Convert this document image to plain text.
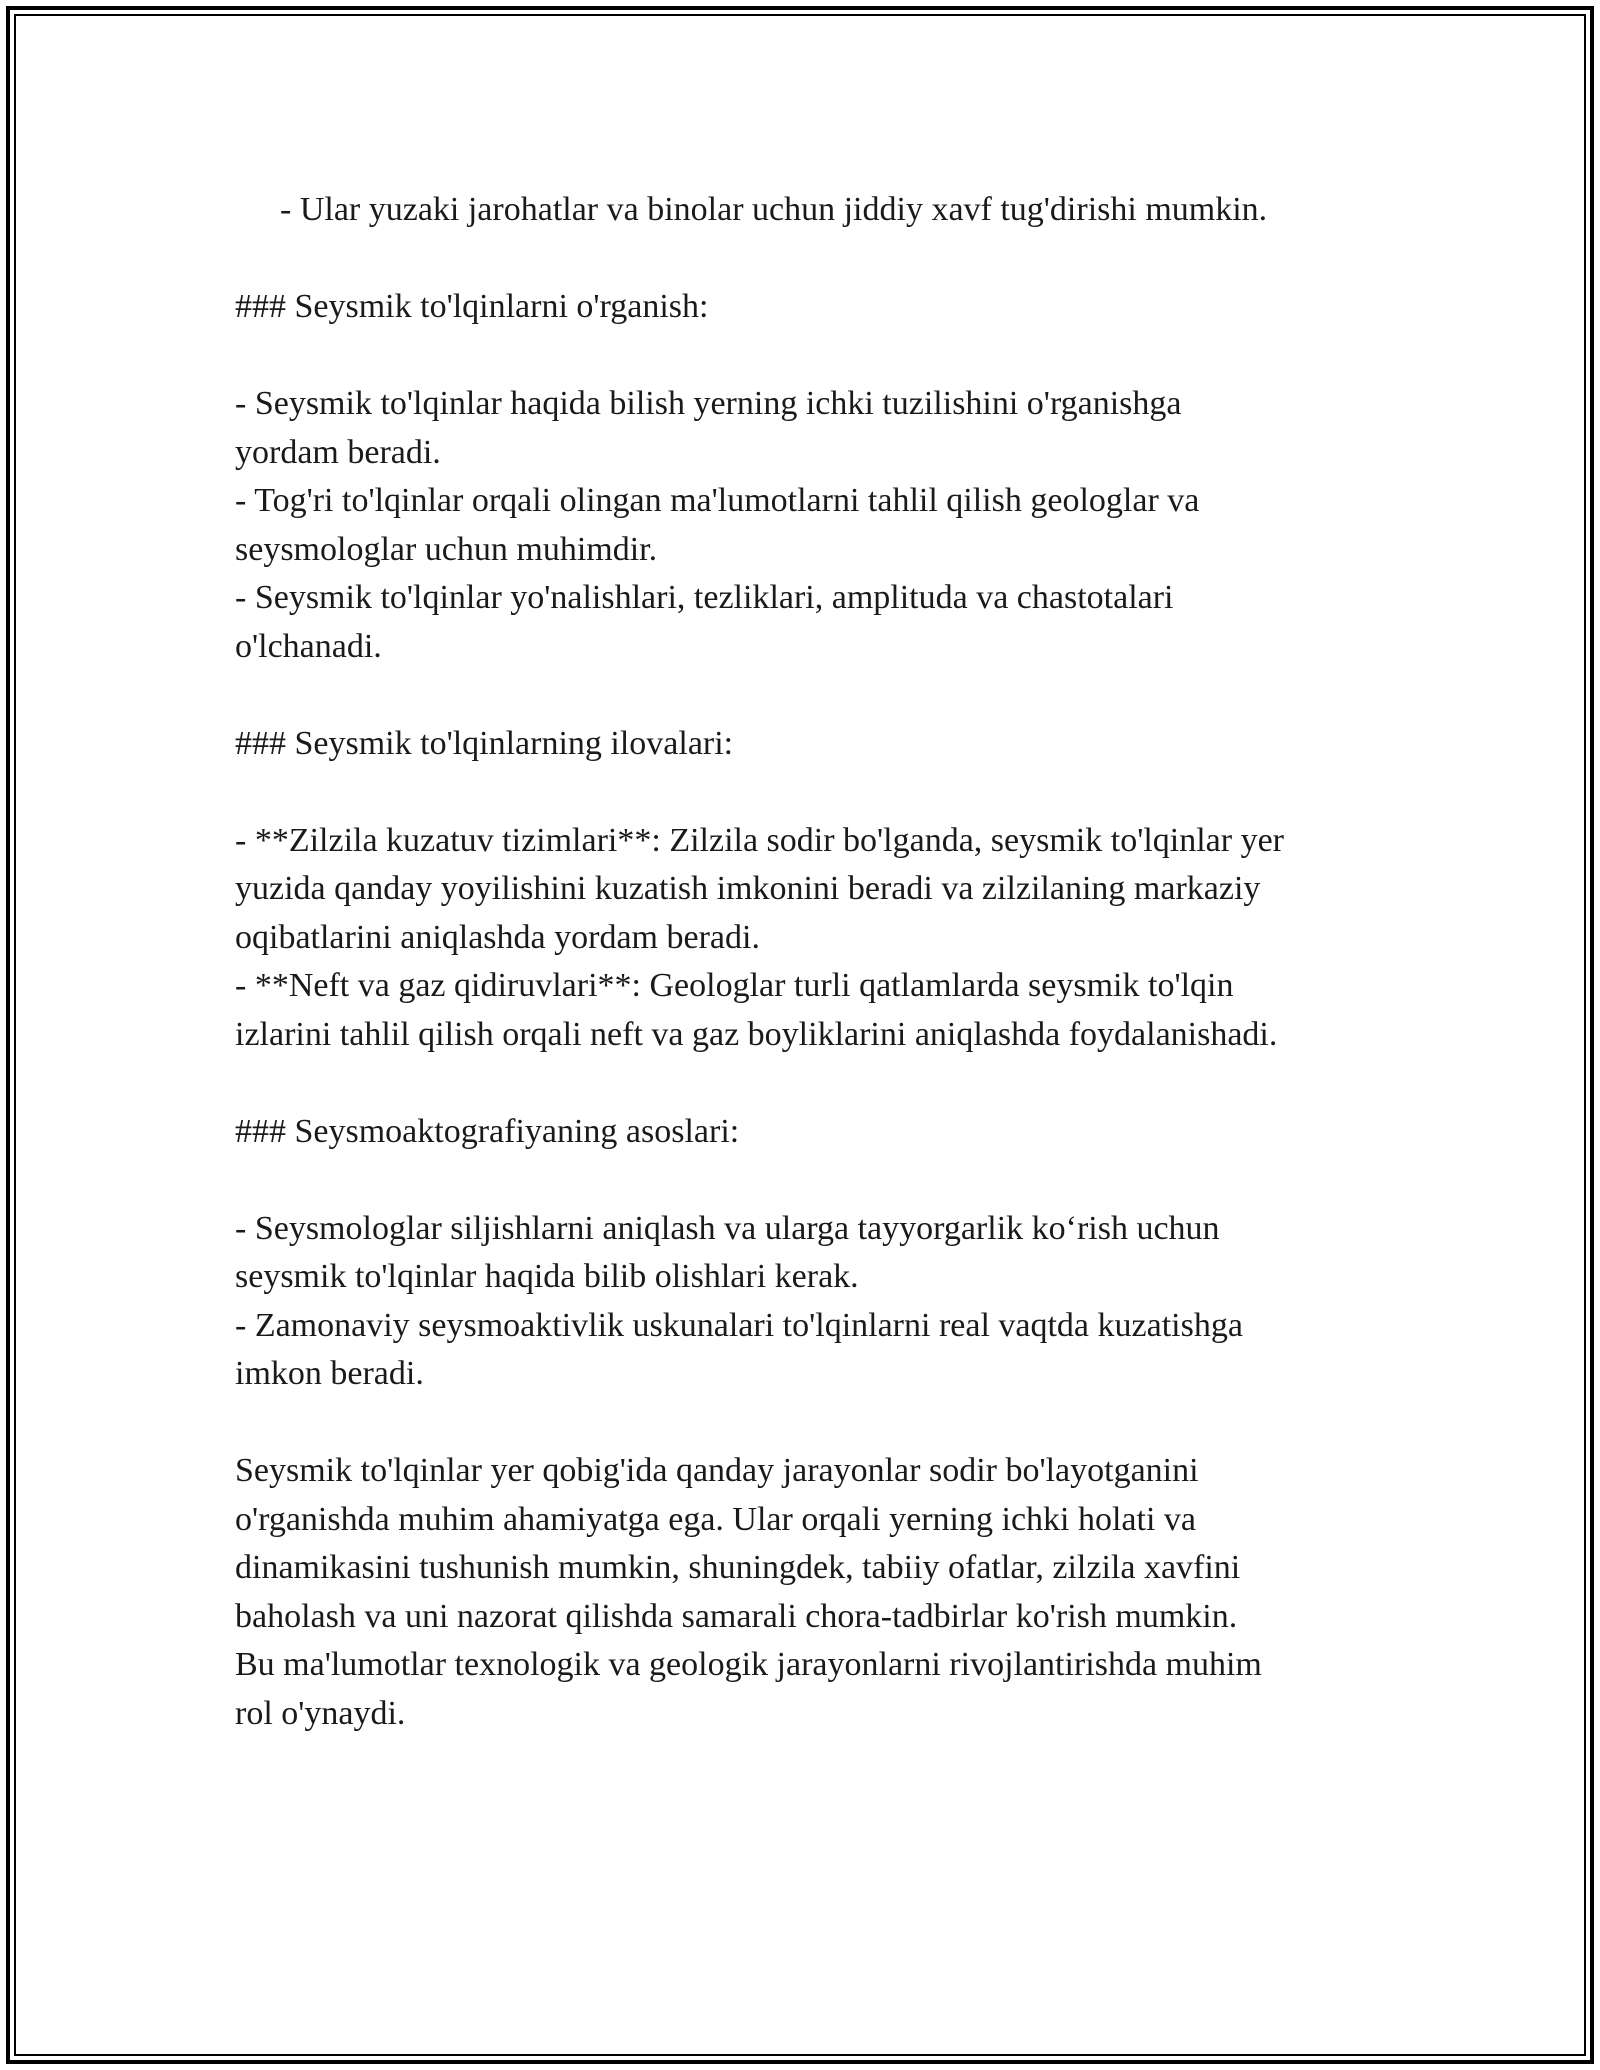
- Ular yuzaki jarohatlar va binolar uchun jiddiy xavf tug'dirishi mumkin.
### Seysmik to'lqinlarni o'rganish:
- Seysmik to'lqinlar haqida bilish yerning ichki tuzilishini o'rganishga
yordam beradi.
- Tog'ri to'lqinlar orqali olingan ma'lumotlarni tahlil qilish geologlar va
seysmologlar uchun muhimdir.
- Seysmik to'lqinlar yo'nalishlari, tezliklari, amplituda va chastotalari
o'lchanadi.
### Seysmik to'lqinlarning ilovalari:
- **Zilzila kuzatuv tizimlari**: Zilzila sodir bo'lganda, seysmik to'lqinlar yer
yuzida qanday yoyilishini kuzatish imkonini beradi va zilzilaning markaziy
oqibatlarini aniqlashda yordam beradi.
- **Neft va gaz qidiruvlari**: Geologlar turli qatlamlarda seysmik to'lqin
izlarini tahlil qilish orqali neft va gaz boyliklarini aniqlashda foydalanishadi.
### Seysmoaktografiyaning asoslari:
- Seysmologlar siljishlarni aniqlash va ularga tayyorgarlik ko‘rish uchun
seysmik to'lqinlar haqida bilib olishlari kerak.
- Zamonaviy seysmoaktivlik uskunalari to'lqinlarni real vaqtda kuzatishga
imkon beradi.
Seysmik to'lqinlar yer qobig'ida qanday jarayonlar sodir bo'layotganini
o'rganishda muhim ahamiyatga ega. Ular orqali yerning ichki holati va
dinamikasini tushunish mumkin, shuningdek, tabiiy ofatlar, zilzila xavfini
baholash va uni nazorat qilishda samarali chora-tadbirlar ko'rish mumkin.
Bu ma'lumotlar texnologik va geologik jarayonlarni rivojlantirishda muhim
rol o'ynaydi.
